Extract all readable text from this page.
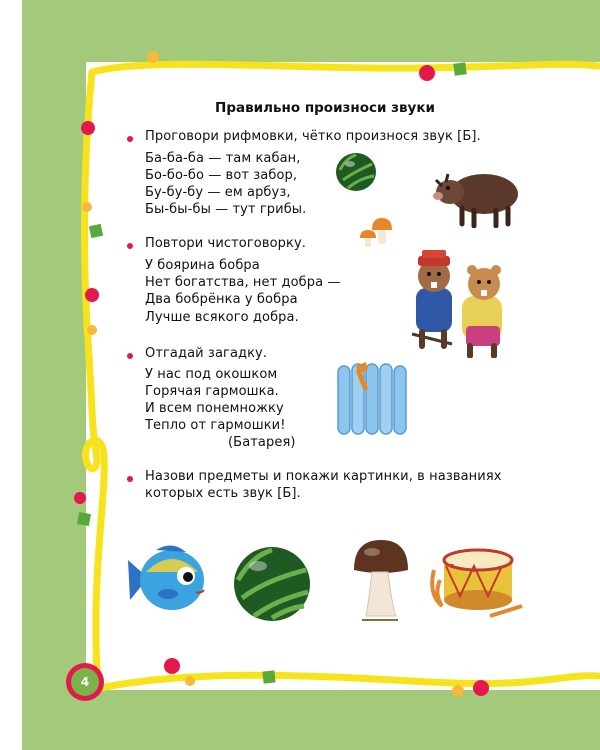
Правильно произноси звуки
Проговори рифмовки, чётко произнося звук [Б].
Ба-ба-ба — там кабан,
Бо-бо-бо — вот забор,
Бу-бу-бу — ем арбуз,
Бы-бы-бы — тут грибы.
Повтори чистоговорку.
У боярина бобра
Нет богатства, нет добра —
Два бобрёнка у бобра
Лучше всякого добра.
Отгадай загадку.
У нас под окошком
Горячая гармошка.
И всем понемножку
Тепло от гармошки!
(Батарея)
Назови предметы и покажи картинки, в названиях
которых есть звук [Б].
4
